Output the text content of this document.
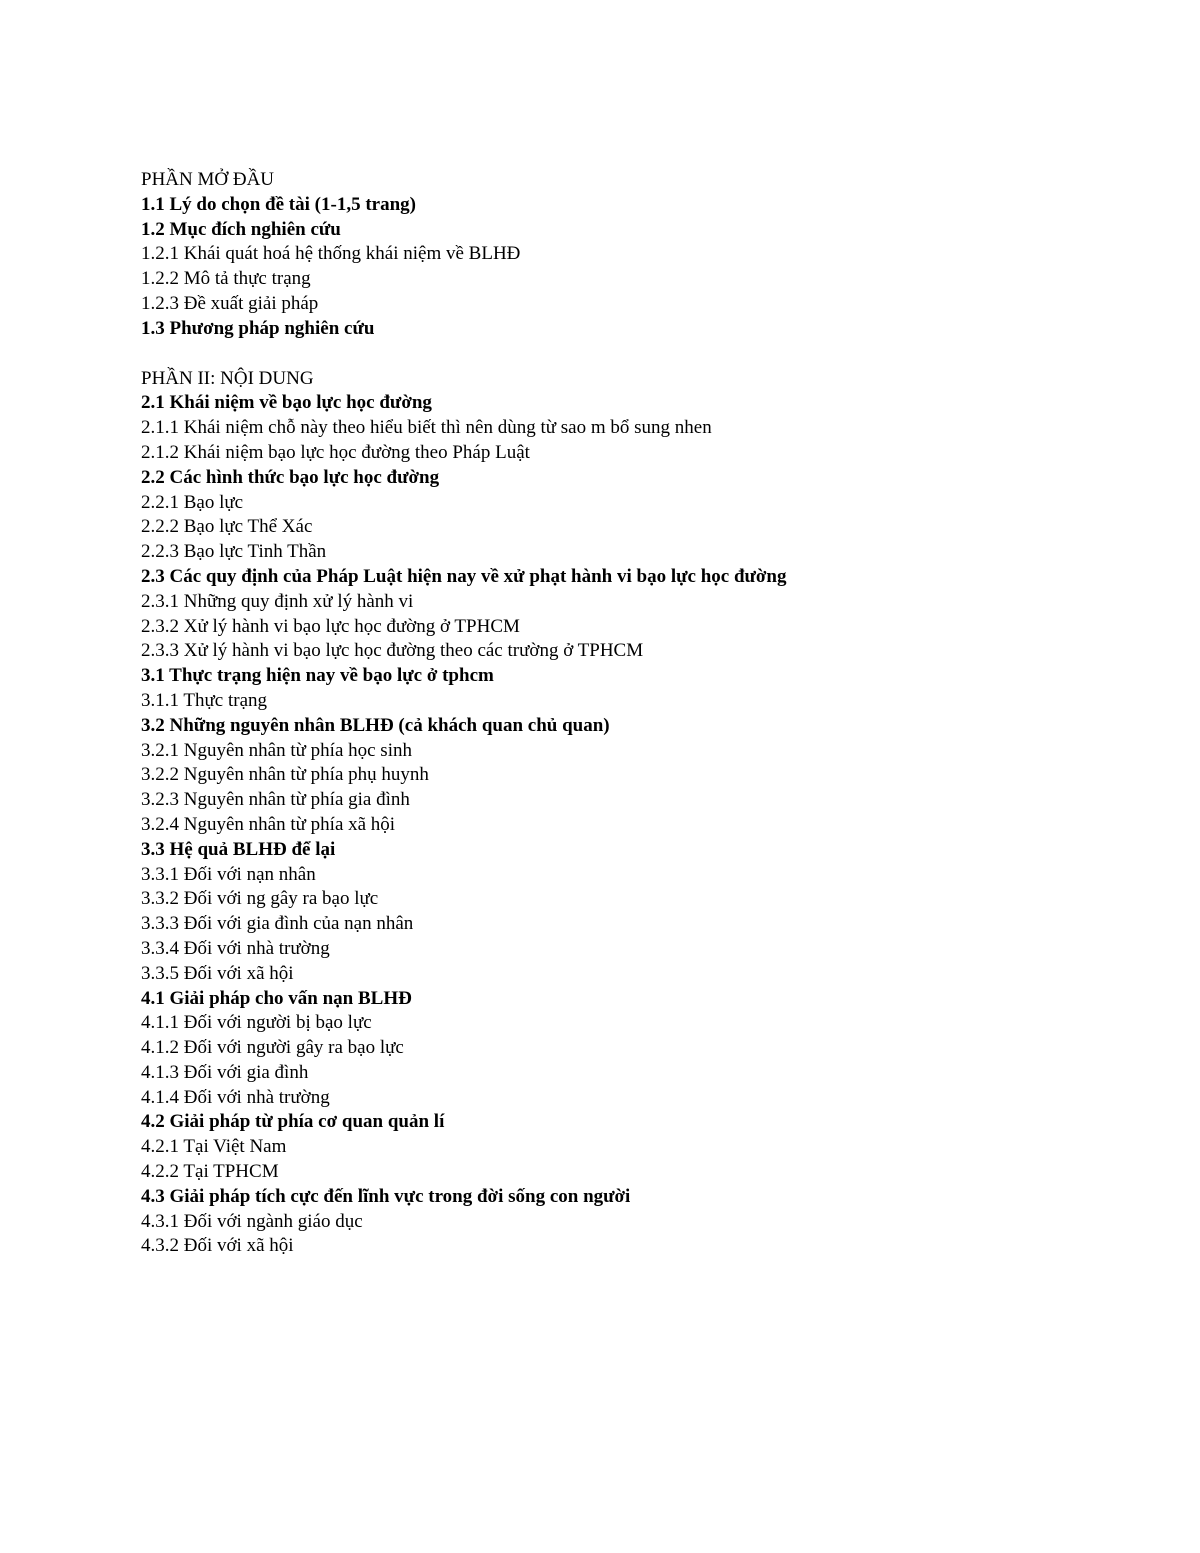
PHẦN MỞ ĐẦU
1.1 Lý do chọn đề tài (1-1,5 trang)
1.2 Mục đích nghiên cứu
1.2.1 Khái quát hoá hệ thống khái niệm về BLHĐ
1.2.2 Mô tả thực trạng
1.2.3 Đề xuất giải pháp
1.3 Phương pháp nghiên cứu
PHẦN II: NỘI DUNG
2.1 Khái niệm về bạo lực học đường
2.1.1 Khái niệm chỗ này theo hiểu biết thì nên dùng từ sao m bổ sung nhen
2.1.2 Khái niệm bạo lực học đường theo Pháp Luật
2.2 Các hình thức bạo lực học đường
2.2.1 Bạo lực
2.2.2 Bạo lực Thể Xác
2.2.3 Bạo lực Tinh Thần
2.3 Các quy định của Pháp Luật hiện nay về xử phạt hành vi bạo lực học đường
2.3.1 Những quy định xử lý hành vi
2.3.2 Xử lý hành vi bạo lực học đường ở TPHCM
2.3.3 Xử lý hành vi bạo lực học đường theo các trường ở TPHCM
3.1 Thực trạng hiện nay về bạo lực ở tphcm
3.1.1 Thực trạng
3.2 Những nguyên nhân BLHĐ (cả khách quan chủ quan)
3.2.1 Nguyên nhân từ phía học sinh
3.2.2 Nguyên nhân từ phía phụ huynh
3.2.3 Nguyên nhân từ phía gia đình
3.2.4 Nguyên nhân từ phía xã hội
3.3 Hệ quả BLHĐ để lại
3.3.1 Đối với nạn nhân
3.3.2 Đối với ng gây ra bạo lực
3.3.3 Đối với gia đình của nạn nhân
3.3.4 Đối với nhà trường
3.3.5 Đối với xã hội
4.1 Giải pháp cho vấn nạn BLHĐ
4.1.1 Đối với người bị bạo lực
4.1.2 Đối với người gây ra bạo lực
4.1.3 Đối với gia đình
4.1.4 Đối với nhà trường
4.2 Giải pháp từ phía cơ quan quản lí
4.2.1 Tại Việt Nam
4.2.2 Tại TPHCM
4.3 Giải pháp tích cực đến lĩnh vực trong đời sống con người
4.3.1 Đối với ngành giáo dục
4.3.2 Đối với xã hội
